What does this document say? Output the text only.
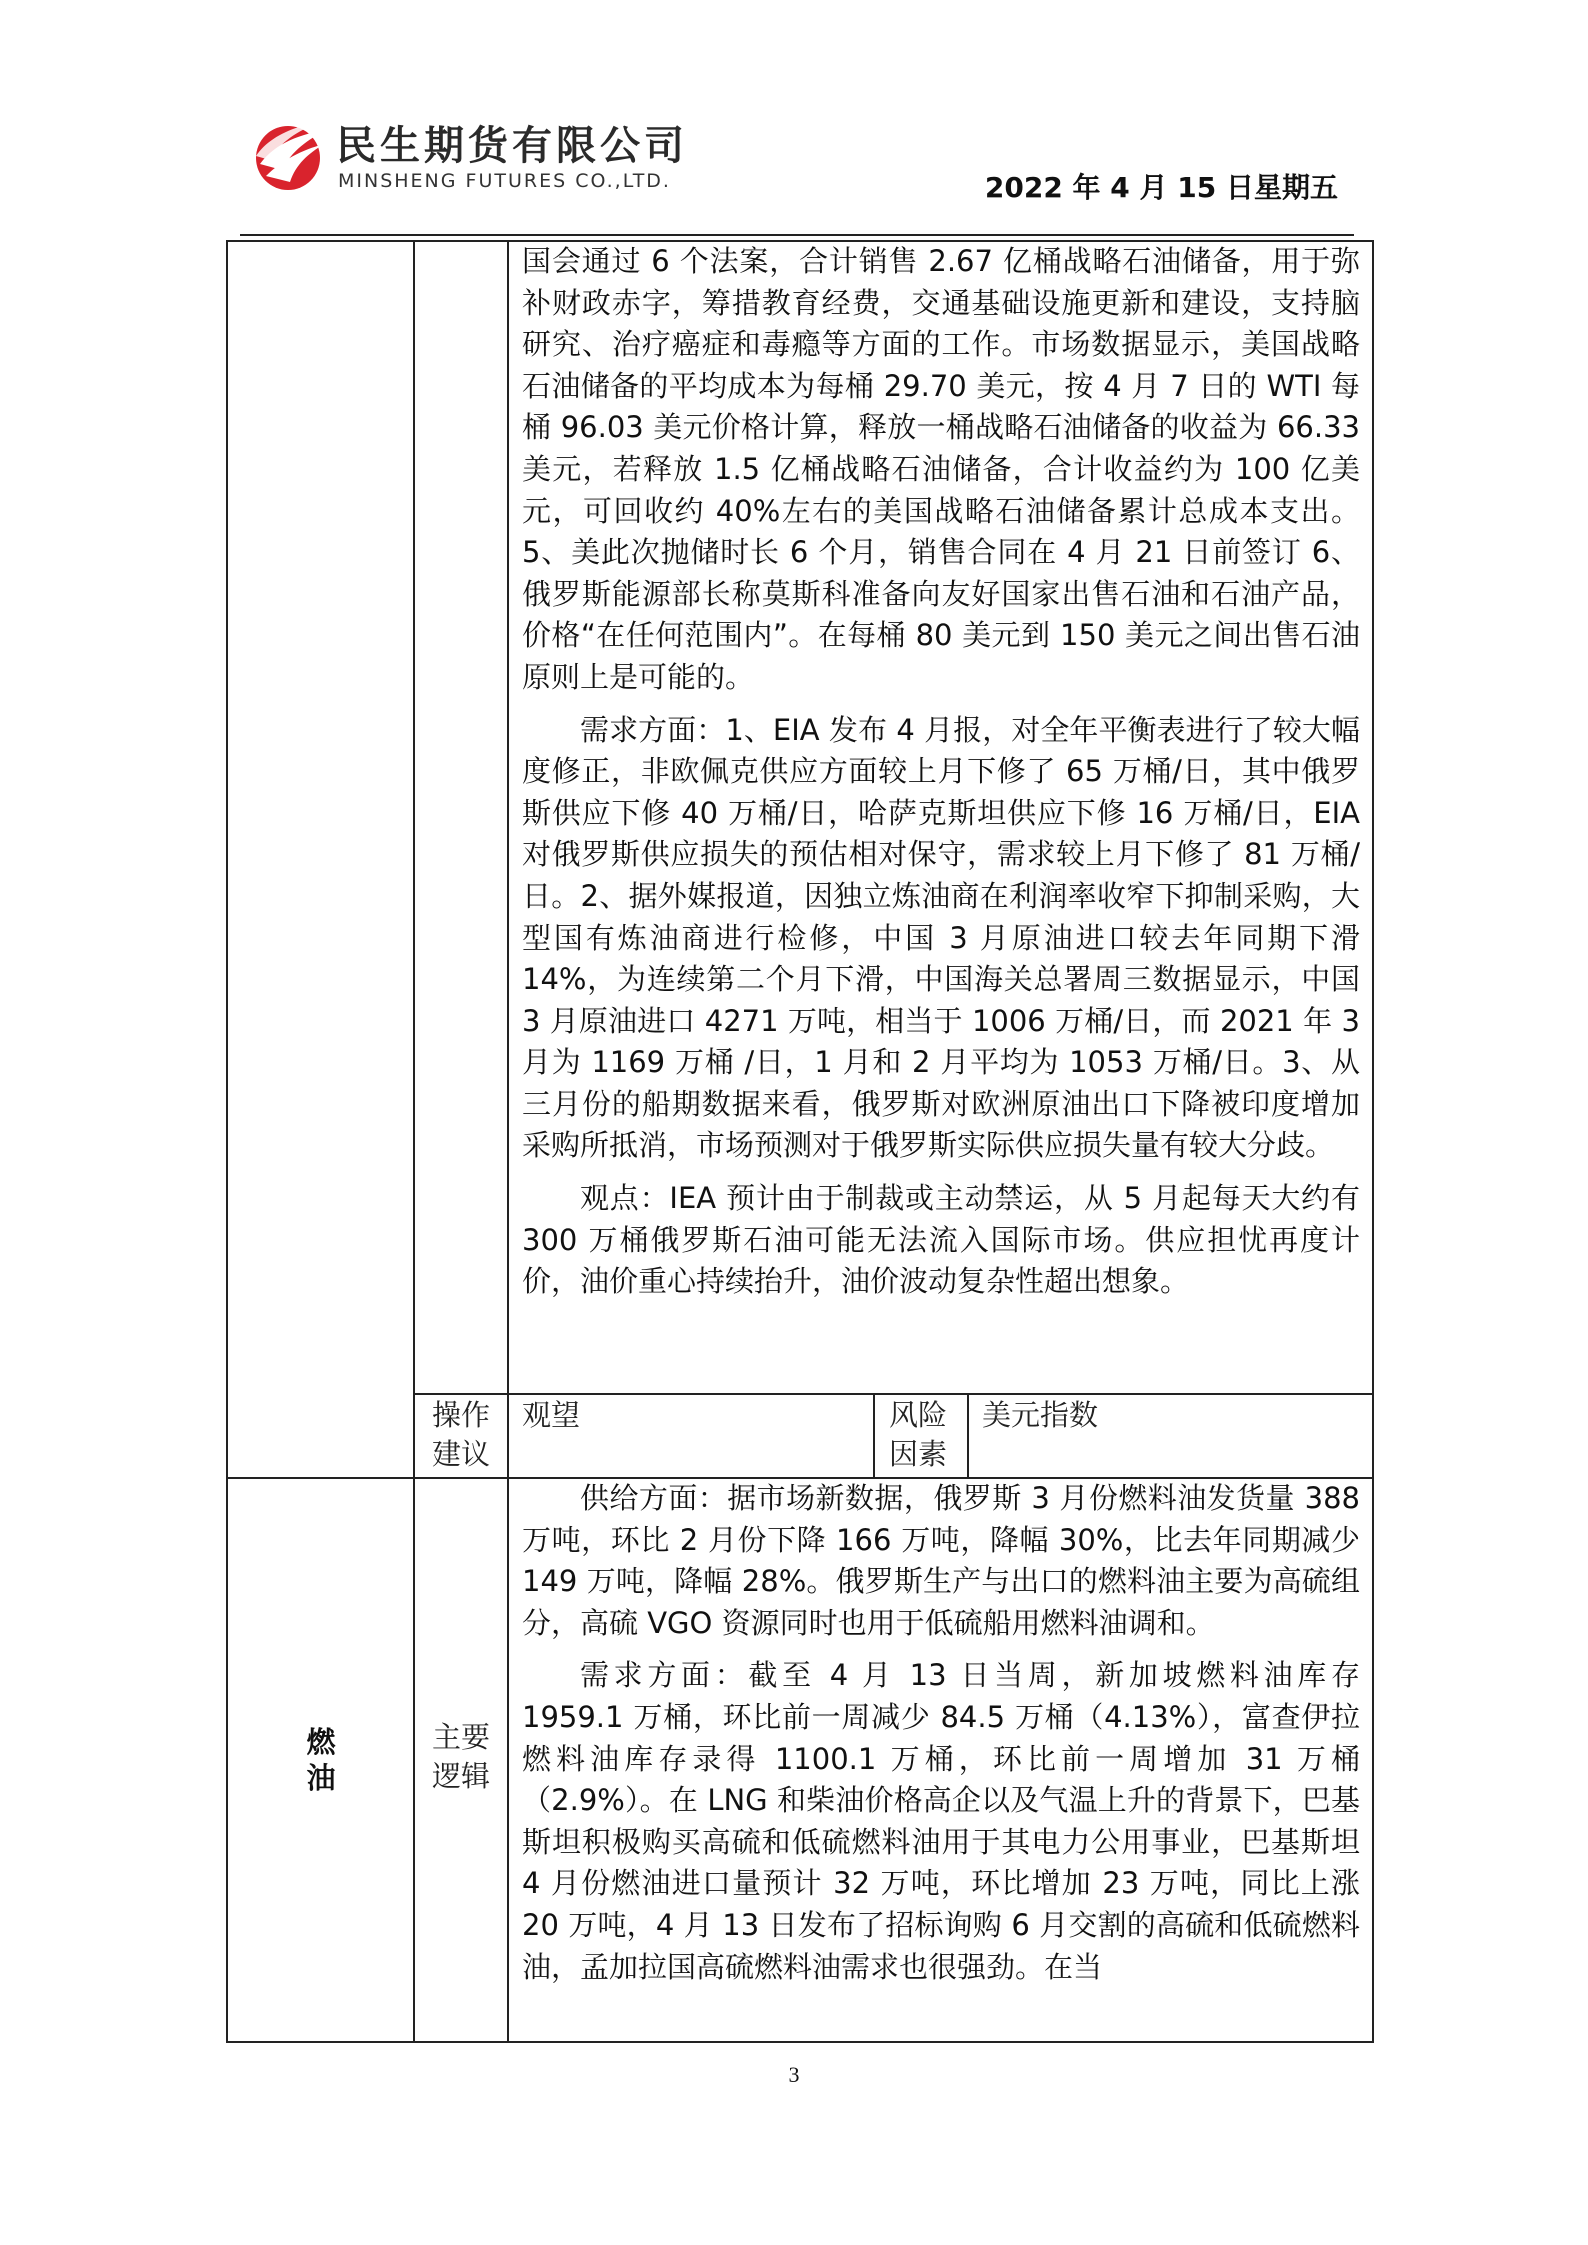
民生期货有限公司
MINSHENG FUTURES CO.,LTD.	2022 年 4 月 15 日星期五

国会通过 6 个法案，合计销售 2.67 亿桶战略石油储备，用于弥补财政赤字，筹措教育经费，交通基础设施更新和建设，支持脑研究、治疗癌症和毒瘾等方面的工作。市场数据显示，美国战略石油储备的平均成本为每桶 29.70 美元，按 4 月 7 日的 WTI 每桶 96.03 美元价格计算，释放一桶战略石油储备的收益为 66.33 美元，若释放 1.5 亿桶战略石油储备，合计收益约为 100 亿美元，可回收约 40%左右的美国战略石油储备累计总成本支出。5、美此次抛储时长 6 个月，销售合同在 4 月 21 日前签订 6、俄罗斯能源部长称莫斯科准备向友好国家出售石油和石油产品，价格“在任何范围内”。在每桶 80 美元到 150 美元之间出售石油原则上是可能的。

需求方面：1、EIA 发布 4 月报，对全年平衡表进行了较大幅度修正，非欧佩克供应方面较上月下修了 65 万桶/日，其中俄罗斯供应下修 40 万桶/日，哈萨克斯坦供应下修 16 万桶/日，EIA 对俄罗斯供应损失的预估相对保守，需求较上月下修了 81 万桶/日。2、据外媒报道，因独立炼油商在利润率收窄下抑制采购，大型国有炼油商进行检修，中国 3 月原油进口较去年同期下滑 14%，为连续第二个月下滑，中国海关总署周三数据显示，中国 3 月原油进口 4271 万吨，相当于 1006 万桶/日，而 2021 年 3 月为 1169 万桶 /日，1 月和 2 月平均为 1053 万桶/日。3、从三月份的船期数据来看，俄罗斯对欧洲原油出口下降被印度增加采购所抵消，市场预测对于俄罗斯实际供应损失量有较大分歧。

观点：IEA 预计由于制裁或主动禁运，从 5 月起每天大约有 300 万桶俄罗斯石油可能无法流入国际市场。供应担忧再度计价，油价重心持续抬升，油价波动复杂性超出想象。

操作建议
观望	风险因素
美元指数
燃油
主要逻辑

供给方面：据市场新数据，俄罗斯 3 月份燃料油发货量 388 万吨，环比 2 月份下降 166 万吨，降幅 30%，比去年同期减少 149 万吨，降幅 28%。俄罗斯生产与出口的燃料油主要为高硫组分，高硫 VGO 资源同时也用于低硫船用燃料油调和。

需求方面：截至 4 月 13 日当周，新加坡燃料油库存 1959.1 万桶，环比前一周减少 84.5 万桶（4.13%），富查伊拉燃料油库存录得 1100.1 万桶，环比前一周增加 31 万桶（2.9%）。在 LNG 和柴油价格高企以及气温上升的背景下，巴基斯坦积极购买高硫和低硫燃料油用于其电力公用事业，巴基斯坦 4 月份燃油进口量预计 32 万吨，环比增加 23 万吨，同比上涨 20 万吨，4 月 13 日发布了招标询购 6 月交割的高硫和低硫燃料油，孟加拉国高硫燃料油需求也很强劲。在当

3
